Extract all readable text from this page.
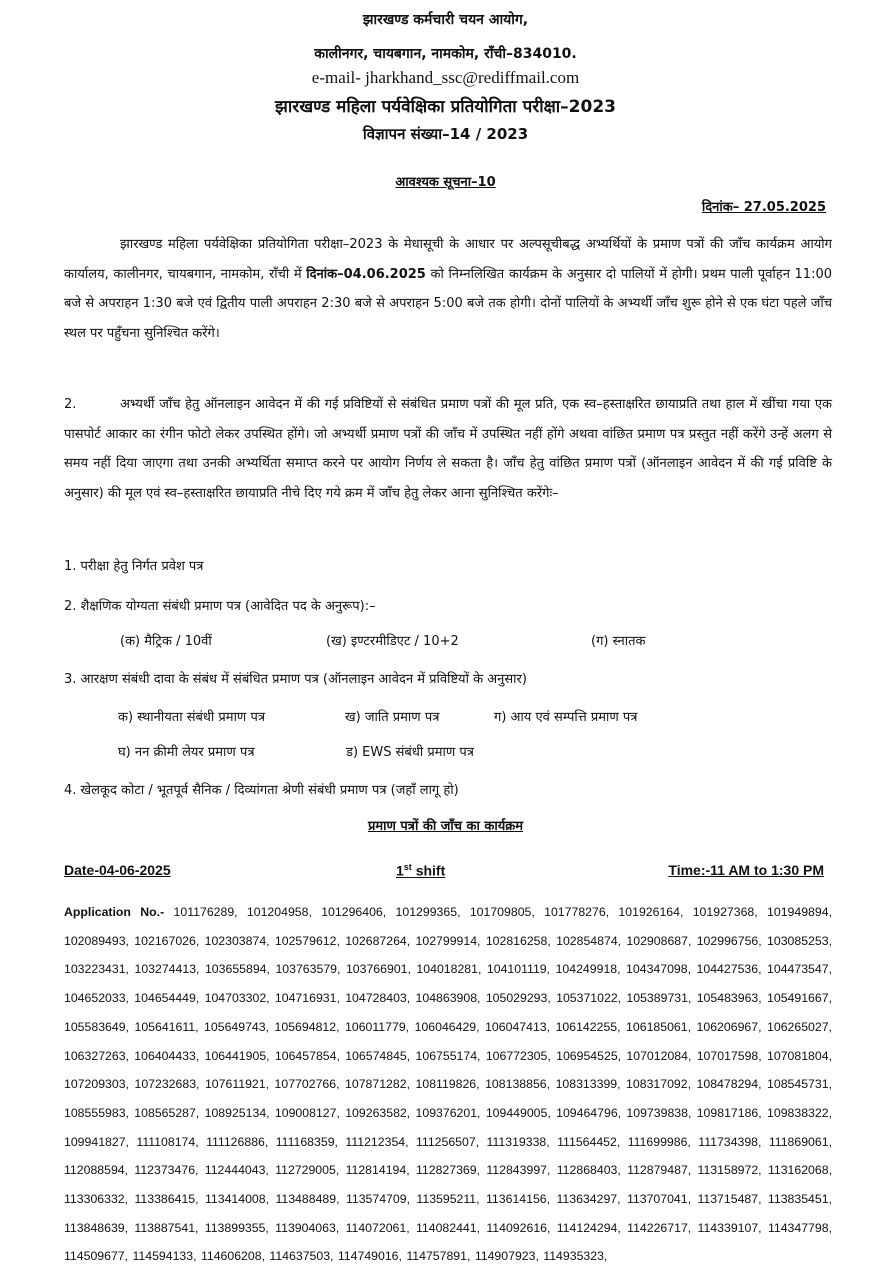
झारखण्ड कर्मचारी चयन आयोग,
कालीनगर, चायबगान, नामकोम, राँची–834010.
e-mail- jharkhand_ssc@rediffmail.com
झारखण्ड महिला पर्यवेक्षिका प्रतियोगिता परीक्षा–2023
विज्ञापन संख्या–14 / 2023
आवश्यक सूचना–10
दिनांक– 27.05.2025
झारखण्ड महिला पर्यवेक्षिका प्रतियोगिता परीक्षा–2023 के मेधासूची के आधार पर अल्पसूचीबद्ध अभ्यर्थियों के प्रमाण पत्रों की जाँच कार्यक्रम आयोग कार्यालय, कालीनगर, चायबगान, नामकोम, राँची में दिनांक–04.06.2025 को निम्नलिखित कार्यक्रम के अनुसार दो पालियों में होगी। प्रथम पाली पूर्वाहन 11:00 बजे से अपराहन 1:30 बजे एवं द्वितीय पाली अपराहन 2:30 बजे से अपराहन 5:00 बजे तक होगी। दोनों पालियों के अभ्यर्थी जाँच शुरू होने से एक घंटा पहले जाँच स्थल पर पहुँचना सुनिश्चित करेंगे।
2.	अभ्यर्थी जाँच हेतु ऑनलाइन आवेदन में की गई प्रविष्टियों से संबंधित प्रमाण पत्रों की मूल प्रति, एक स्व–हस्ताक्षरित छायाप्रति तथा हाल में खींचा गया एक पासपोर्ट आकार का रंगीन फोटो लेकर उपस्थित होंगे। जो अभ्यर्थी प्रमाण पत्रों की जाँच में उपस्थित नहीं होंगे अथवा वांछित प्रमाण पत्र प्रस्तुत नहीं करेंगे उन्हें अलग से समय नहीं दिया जाएगा तथा उनकी अभ्यर्थिता समाप्त करने पर आयोग निर्णय ले सकता है। जाँच हेतु वांछित प्रमाण पत्रों (ऑनलाइन आवेदन में की गई प्रविष्टि के अनुसार) की मूल एवं स्व–हस्ताक्षरित छायाप्रति नीचे दिए गये क्रम में जाँच हेतु लेकर आना सुनिश्चित करेंगेः–
1. परीक्षा हेतु निर्गत प्रवेश पत्र
2. शैक्षणिक योग्यता संबंधी प्रमाण पत्र (आवेदित पद के अनुरूप):–
(क) मैट्रिक / 10वीं	(ख) इण्टरमीडिएट / 10+2	(ग) स्नातक
3. आरक्षण संबंधी दावा के संबंध में संबंधित प्रमाण पत्र (ऑनलाइन आवेदन में प्रविष्टियों के अनुसार)
क) स्थानीयता संबंधी प्रमाण पत्र	ख) जाति प्रमाण पत्र	ग) आय एवं सम्पत्ति प्रमाण पत्र
घ) नन क्रीमी लेयर प्रमाण पत्र	ड) EWS संबंधी प्रमाण पत्र
4. खेलकूद कोटा / भूतपूर्व सैनिक / दिव्यांगता श्रेणी संबंधी प्रमाण पत्र (जहाँ लागू हो)
प्रमाण पत्रों की जाँच का कार्यक्रम
Date-04-06-2025	1st shift	Time:-11 AM to 1:30 PM
Application No.- 101176289, 101204958, 101296406, 101299365, 101709805, 101778276, 101926164, 101927368, 101949894, 102089493, 102167026, 102303874, 102579612, 102687264, 102799914, 102816258, 102854874, 102908687, 102996756, 103085253, 103223431, 103274413, 103655894, 103763579, 103766901, 104018281, 104101119, 104249918, 104347098, 104427536, 104473547, 104652033, 104654449, 104703302, 104716931, 104728403, 104863908, 105029293, 105371022, 105389731, 105483963, 105491667, 105583649, 105641611, 105649743, 105694812, 106011779, 106046429, 106047413, 106142255, 106185061, 106206967, 106265027, 106327263, 106404433, 106441905, 106457854, 106574845, 106755174, 106772305, 106954525, 107012084, 107017598, 107081804, 107209303, 107232683, 107611921, 107702766, 107871282, 108119826, 108138856, 108313399, 108317092, 108478294, 108545731, 108555983, 108565287, 108925134, 109008127, 109263582, 109376201, 109449005, 109464796, 109739838, 109817186, 109838322, 109941827, 111108174, 111126886, 111168359, 111212354, 111256507, 111319338, 111564452, 111699986, 111734398, 111869061, 112088594, 112373476, 112444043, 112729005, 112814194, 112827369, 112843997, 112868403, 112879487, 113158972, 113162068, 113306332, 113386415, 113414008, 113488489, 113574709, 113595211, 113614156, 113634297, 113707041, 113715487, 113835451, 113848639, 113887541, 113899355, 113904063, 114072061, 114082441, 114092616, 114124294, 114226717, 114339107, 114347798, 114509677, 114594133, 114606208, 114637503, 114749016, 114757891, 114907923, 114935323,
